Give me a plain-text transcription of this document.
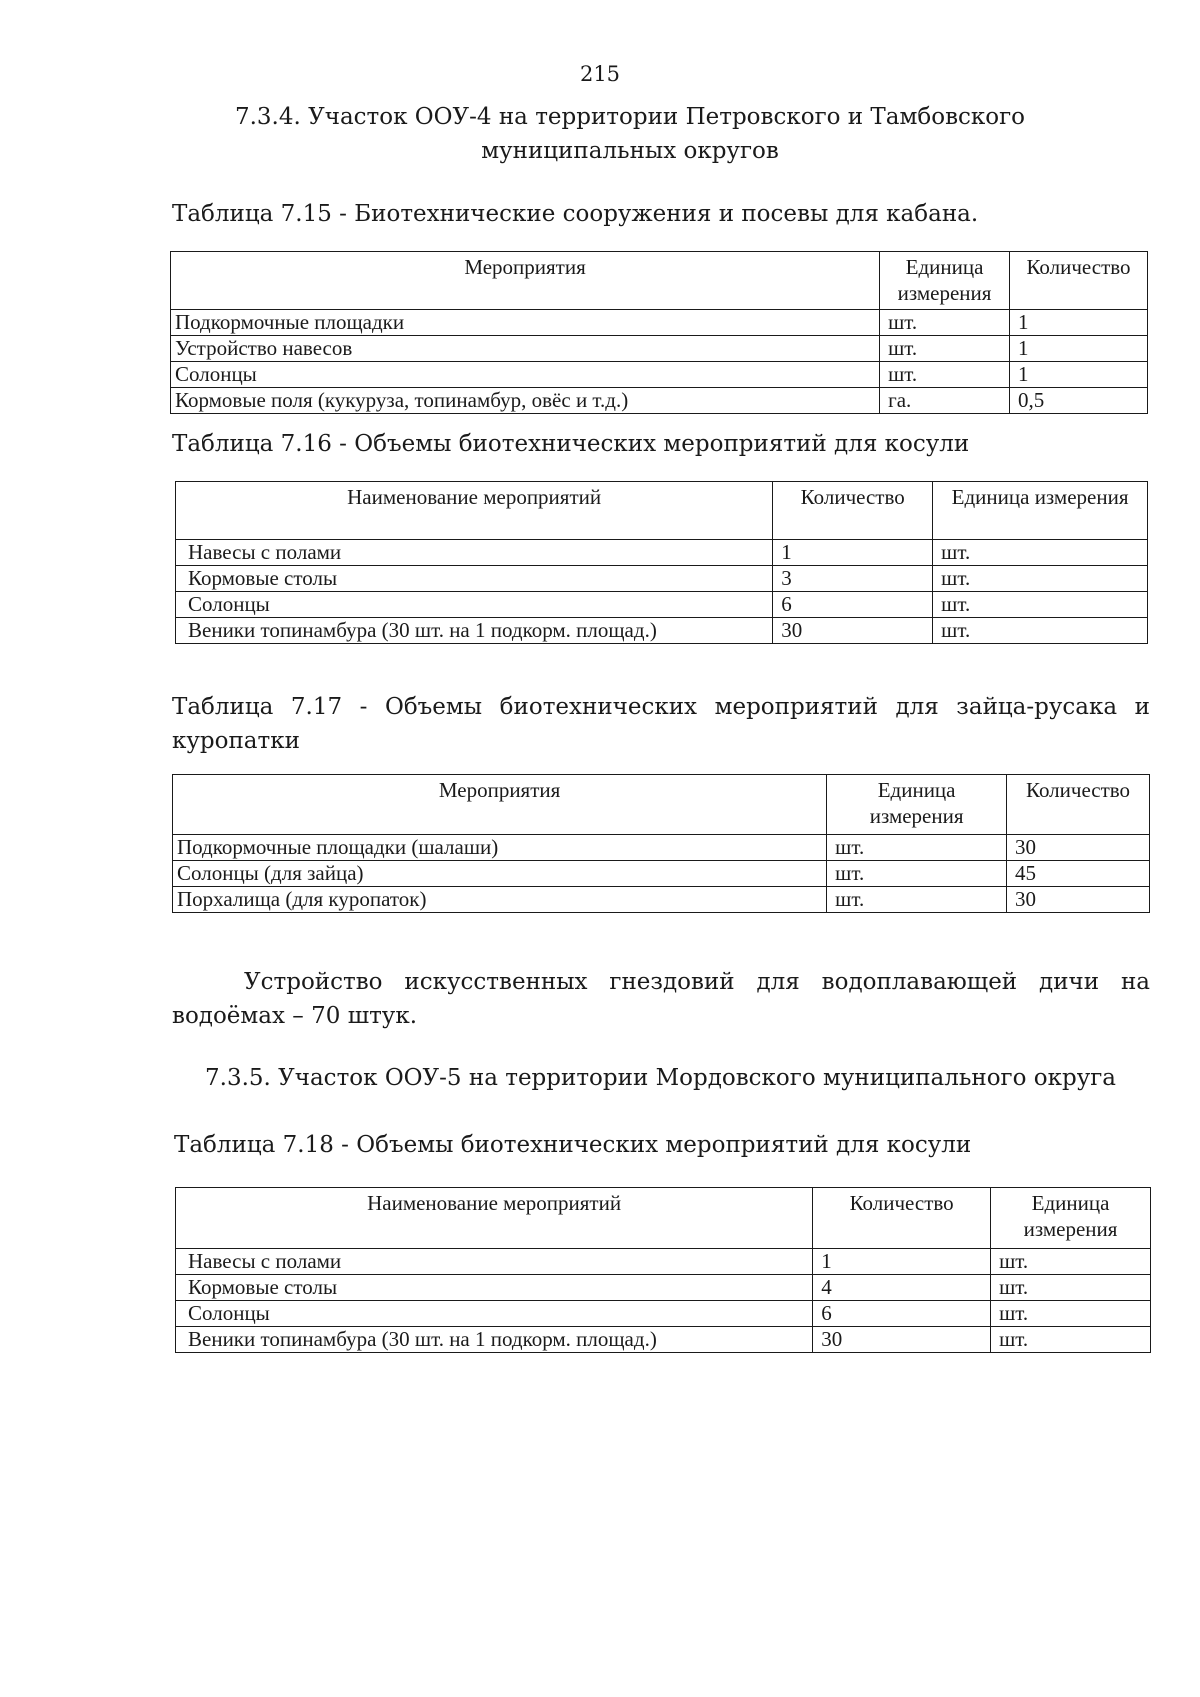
215
7.3.4. Участок ООУ-4 на территории Петровского и Тамбовского
муниципальных округов
Таблица 7.15 - Биотехнические сооружения и посевы для кабана.
Мероприятия	Единица измерения	Количество
Подкормочные площадки	шт.	1
Устройство навесов	шт.	1
Солонцы	шт.	1
Кормовые поля (кукуруза, топинамбур, овёс и т.д.)	га.	0,5
Таблица 7.16 - Объемы биотехнических мероприятий для косули
Наименование мероприятий	Количество	Единица измерения
Навесы с полами	1	шт.
Кормовые столы	3	шт.
Солонцы	6	шт.
Веники топинамбура (30 шт. на 1 подкорм. площад.)	30	шт.
Таблица 7.17 - Объемы биотехнических мероприятий для зайца-русака и куропатки
Мероприятия	Единица измерения	Количество
Подкормочные площадки (шалаши)	шт.	30
Солонцы (для зайца)	шт.	45
Порхалища (для куропаток)	шт.	30
Устройство искусственных гнездовий для водоплавающей дичи на водоёмах – 70 штук.
7.3.5. Участок ООУ-5 на территории Мордовского муниципального округа
Таблица 7.18 - Объемы биотехнических мероприятий для косули
Наименование мероприятий	Количество	Единица измерения
Навесы с полами	1	шт.
Кормовые столы	4	шт.
Солонцы	6	шт.
Веники топинамбура (30 шт. на 1 подкорм. площад.)	30	шт.
